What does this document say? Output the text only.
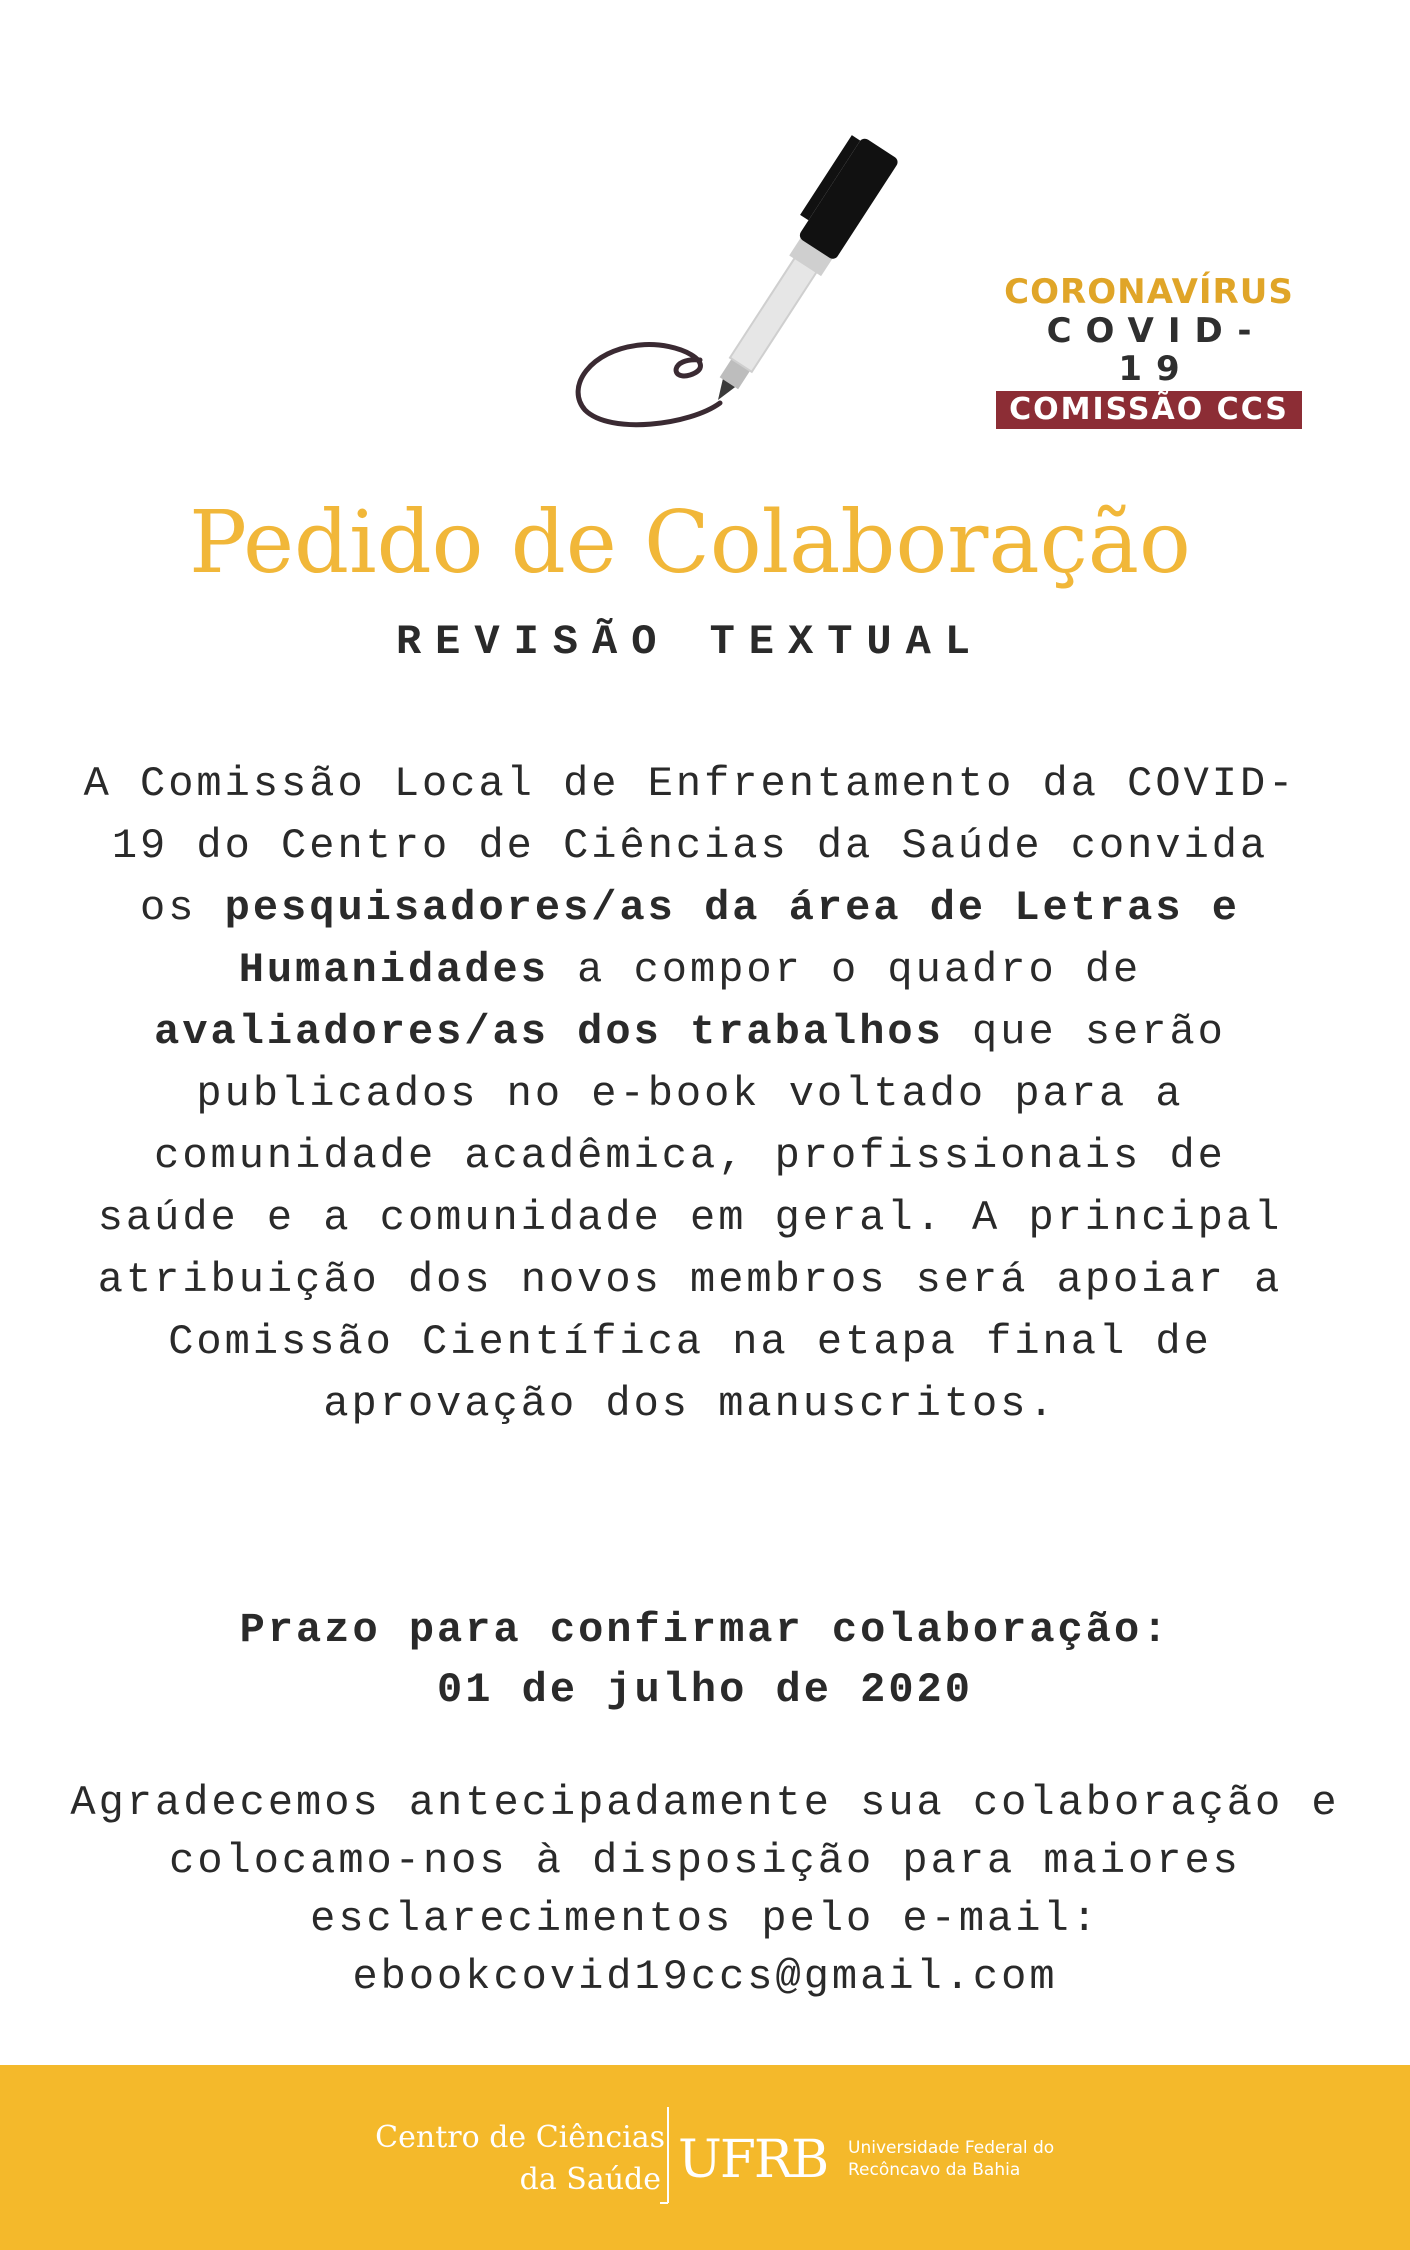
CORONAVÍRUS
COVID-19
COMISSÃO CCS
Pedido de Colaboração
REVISÃO TEXTUAL

A Comissão Local de Enfrentamento da COVID-19 do Centro de Ciências da Saúde convida os pesquisadores/as da área de Letras e Humanidades a compor o quadro de avaliadores/as dos trabalhos que serão publicados no e-book voltado para a comunidade acadêmica, profissionais de saúde e a comunidade em geral. A principal atribuição dos novos membros será apoiar a Comissão Científica na etapa final de aprovação dos manuscritos.

Prazo para confirmar colaboração:
01 de julho de 2020
Agradecemos antecipadamente sua colaboração e colocamo-nos à disposição para maiores esclarecimentos pelo e-mail:
ebookcovid19ccs@gmail.com
Centro de Ciências
da Saúde UFRB Universidade Federal do
Recôncavo da Bahia
